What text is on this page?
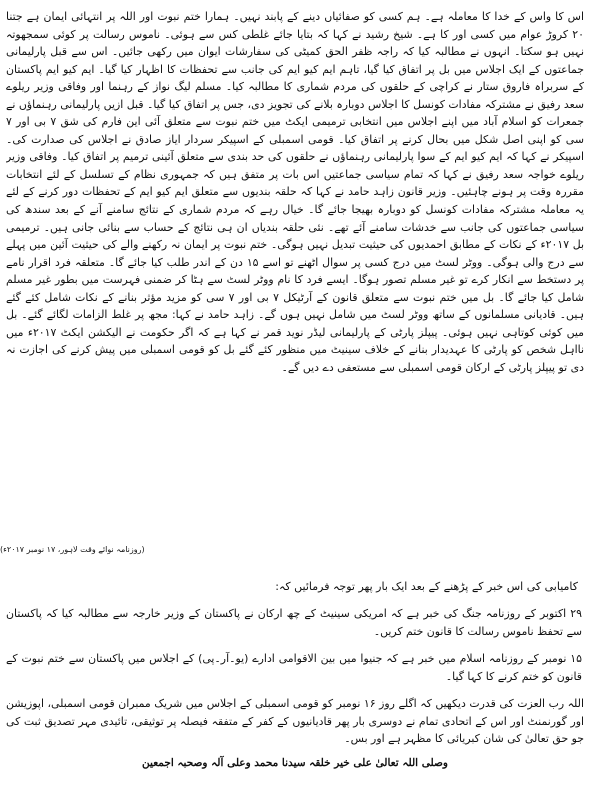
اس کا واس کے خدا کا معاملہ ہے۔ ہم کسی کو صفائیاں دینے کے پابند نہیں۔ ہمارا ختم نبوت اور اللہ پر انتہائی ایمان ہے جتنا ۲۰ کروڑ عوام میں کسی اور کا ہے۔ شیخ رشید نے کہا کہ بتایا جائے غلطی کس سے ہوئی۔ ناموس رسالت پر کوئی سمجھوتہ نہیں ہو سکتا۔ انہوں نے مطالبہ کیا کہ راجہ ظفر الحق کمیٹی کی سفارشات ایوان میں رکھی جائیں۔ اس سے قبل پارلیمانی جماعتوں کے ایک اجلاس میں بل پر اتفاق کیا گیا، تاہم ایم کیو ایم کی جانب سے تحفظات کا اظہار کیا گیا۔ ایم کیو ایم پاکستان کے سربراہ فاروق ستار نے کراچی کے حلقوں کی مردم شماری کا مطالبہ کیا۔ مسلم لیگ نواز کے رہنما اور وفاقی وزیر ریلوے سعد رفیق نے مشترکہ مفادات کونسل کا اجلاس دوبارہ بلانے کی تجویز دی، جس پر اتفاق کیا گیا۔ قبل ازیں پارلیمانی رہنماؤں نے جمعرات کو اسلام آباد میں اپنے اجلاس میں انتخابی ترمیمی ایکٹ میں ختم نبوت سے متعلق آئی این فارم کی شق ۷ بی اور ۷ سی کو اپنی اصل شکل میں بحال کرنے پر اتفاق کیا۔ قومی اسمبلی کے اسپیکر سردار ایاز صادق نے اجلاس کی صدارت کی۔ اسپیکر نے کہا کہ ایم کیو ایم کے سوا پارلیمانی رہنماؤں نے حلقوں کی حد بندی سے متعلق آئینی ترمیم پر اتفاق کیا۔ وفاقی وزیر ریلوے خواجہ سعد رفیق نے کہا کہ تمام سیاسی جماعتیں اس بات پر متفق ہیں کہ جمہوری نظام کے تسلسل کے لئے انتخابات مقررہ وقت پر ہونے چاہئیں۔ وزیر قانون زاہد حامد نے کہا کہ حلقہ بندیوں سے متعلق ایم کیو ایم کے تحفظات دور کرنے کے لئے یہ معاملہ مشترکہ مفادات کونسل کو دوبارہ بھیجا جائے گا۔ خیال رہے کہ مردم شماری کے نتائج سامنے آنے کے بعد سندھ کی سیاسی جماعتوں کی جانب سے خدشات سامنے آئے تھے۔ نئی حلقہ بندیاں ان ہی نتائج کے حساب سے بنائی جانی ہیں۔ ترمیمی بل ۲۰۱۷ء کے نکات کے مطابق احمدیوں کی حیثیت تبدیل نہیں ہوگی۔ ختم نبوت پر ایمان نہ رکھنے والے کی حیثیت آئین میں پہلے سے درج والی ہوگی۔ ووٹر لسٹ میں درج کسی پر سوال اٹھنے تو اسے ۱۵ دن کے اندر طلب کیا جائے گا۔ متعلقہ فرد اقرار نامے پر دستخط سے انکار کرے تو غیر مسلم تصور ہوگا۔ ایسے فرد کا نام ووٹر لسٹ سے ہٹا کر ضمنی فہرست میں بطور غیر مسلم شامل کیا جائے گا۔ بل میں ختم نبوت سے متعلق قانون کے آرٹیکل ۷ بی اور ۷ سی کو مزید مؤثر بنانے کے نکات شامل کئے گئے ہیں۔ قادیانی مسلمانوں کے ساتھ ووٹر لسٹ میں شامل نہیں ہوں گے۔ زاہد حامد نے کہا: مجھ پر غلط الزامات لگائے گئے۔ بل میں کوئی کوتاہی نہیں ہوئی۔ پیپلز پارٹی کے پارلیمانی لیڈر نوید قمر نے کہا ہے کہ اگر حکومت نے الیکشن ایکٹ ۲۰۱۷ء میں نااہل شخص کو پارٹی کا عہدیدار بنانے کے خلاف سینیٹ میں منظور کئے گئے بل کو قومی اسمبلی میں پیش کرنے کی اجازت نہ دی تو پیپلز پارٹی کے ارکان قومی اسمبلی سے مستعفی دے دیں گے۔

(روزنامہ نوائے وقت لاہور، ۱۷ نومبر ۲۰۱۷ء)

کامیابی کی اس خبر کے پڑھنے کے بعد ایک بار پھر توجہ فرمائیں کہ:

۲۹ اکتوبر کے روزنامہ جنگ کی خبر ہے کہ امریکی سینیٹ کے چھ ارکان نے پاکستان کے وزیر خارجہ سے مطالبہ کیا کہ پاکستان سے تحفظ ناموس رسالت کا قانون ختم کریں۔

۱۵ نومبر کے روزنامہ اسلام میں خبر ہے کہ جنیوا میں بین الاقوامی ادارے (یو۔آر۔پی) کے اجلاس میں پاکستان سے ختم نبوت کے قانون کو ختم کرنے کا کہا گیا۔

اللہ رب العزت کی قدرت دیکھیں کہ اگلے روز ۱۶ نومبر کو قومی اسمبلی کے اجلاس میں شریک ممبران قومی اسمبلی، اپوزیشن اور گورنمنٹ اور اس کے اتحادی تمام نے دوسری بار پھر قادیانیوں کے کفر کے متفقہ فیصلہ پر توثیقی، تائیدی مہر تصدیق ثبت کی جو حق تعالیٰ کی شان کبریائی کا مظہر ہے اور بس۔

وصلی اللہ تعالیٰ علی خیر خلقہ سیدنا محمد وعلی آلہ وصحبہ اجمعین
